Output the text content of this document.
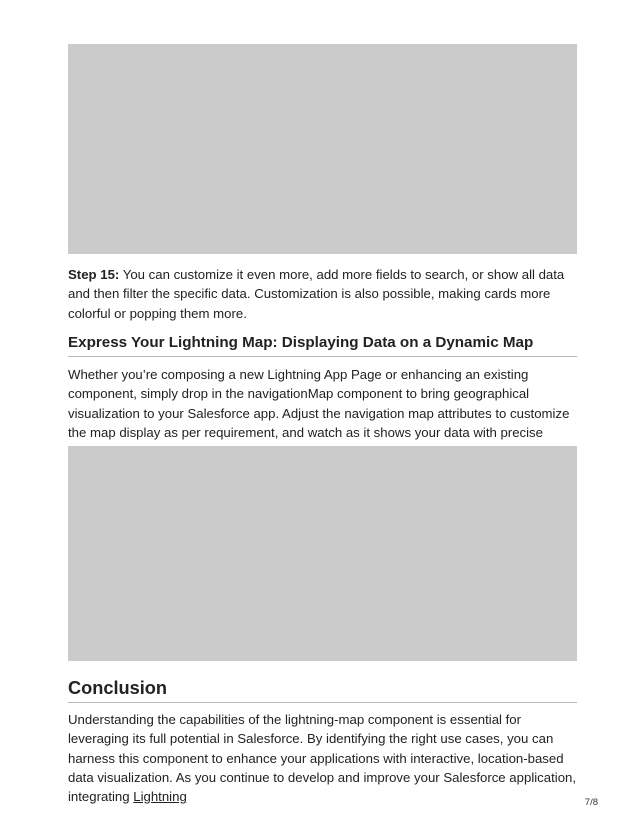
Step 15: You can customize it even more, add more fields to search, or show all data and then filter the specific data. Customization is also possible, making cards more colorful or popping them more.

Express Your Lightning Map: Displaying Data on a Dynamic Map

Whether you’re composing a new Lightning App Page or enhancing an existing component, simply drop in the navigationMap component to bring geographical visualization to your Salesforce app. Adjust the navigation map attributes to customize the map display as per requirement, and watch as it shows your data with precise

Conclusion

Understanding the capabilities of the lightning-map component is essential for leveraging its full potential in Salesforce. By identifying the right use cases, you can harness this component to enhance your applications with interactive, location-based data visualization. As you continue to develop and improve your Salesforce application, integrating Lightning	7/8
